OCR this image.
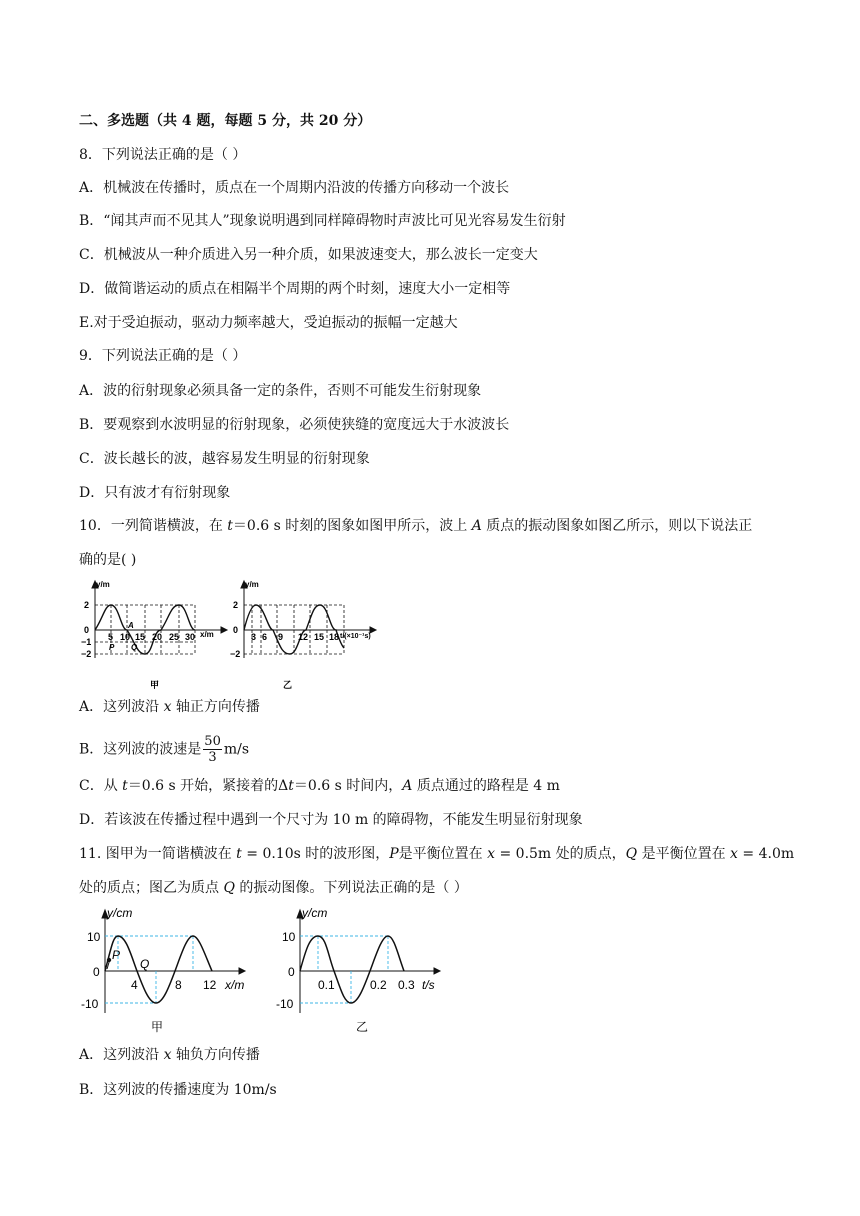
二、多选题（共 4 题，每题 5 分，共 20 分）
8．下列说法正确的是（ ）
A．机械波在传播时，质点在一个周期内沿波的传播方向移动一个波长
B．“闻其声而不见其人”现象说明遇到同样障碍物时声波比可见光容易发生衍射
C．机械波从一种介质进入另一种介质，如果波速变大，那么波长一定变大
D．做简谐运动的质点在相隔半个周期的两个时刻，速度大小一定相等
E.对于受迫振动，驱动力频率越大，受迫振动的振幅一定越大
9．下列说法正确的是（ ）
A．波的衍射现象必须具备一定的条件，否则不可能发生衍射现象
B．要观察到水波明显的衍射现象，必须使狭缝的宽度远大于水波波长
C．波长越长的波，越容易发生明显的衍射现象
D．只有波才有衍射现象
10．一列简谐横波，在 t＝0.6 s 时刻的图象如图甲所示，波上 A 质点的振动图象如图乙所示，则以下说法正
确的是( )
y/m
x/m
2
0
−1
−2
5 10 15 20 25 30
A
P Q
甲
y/m
t/(×10⁻¹s)
2
0
−2
3 6 9 12 15 18
乙
A．这列波沿 x 轴正方向传播
B．这列波的波速是 $\frac{50}{3} m/s$
C．从 t＝0.6 s 开始，紧接着的Δt＝0.6 s 时间内，A 质点通过的路程是 4 m
D．若该波在传播过程中遇到一个尺寸为 10 m 的障碍物，不能发生明显衍射现象
11. 图甲为一简谐横波在 t = 0.10s 时的波形图，P是平衡位置在 x = 0.5m 处的质点，Q 是平衡位置在 x = 4.0m
处的质点；图乙为质点 Q 的振动图像。下列说法正确的是（ ）
y/cm
x/m
10
0
-10
4	8 12
P
Q
甲
y/cm
t/s
10
0
-10
0.1	0.2 0.3
乙
A．这列波沿 x 轴负方向传播
B．这列波的传播速度为 10m/s
